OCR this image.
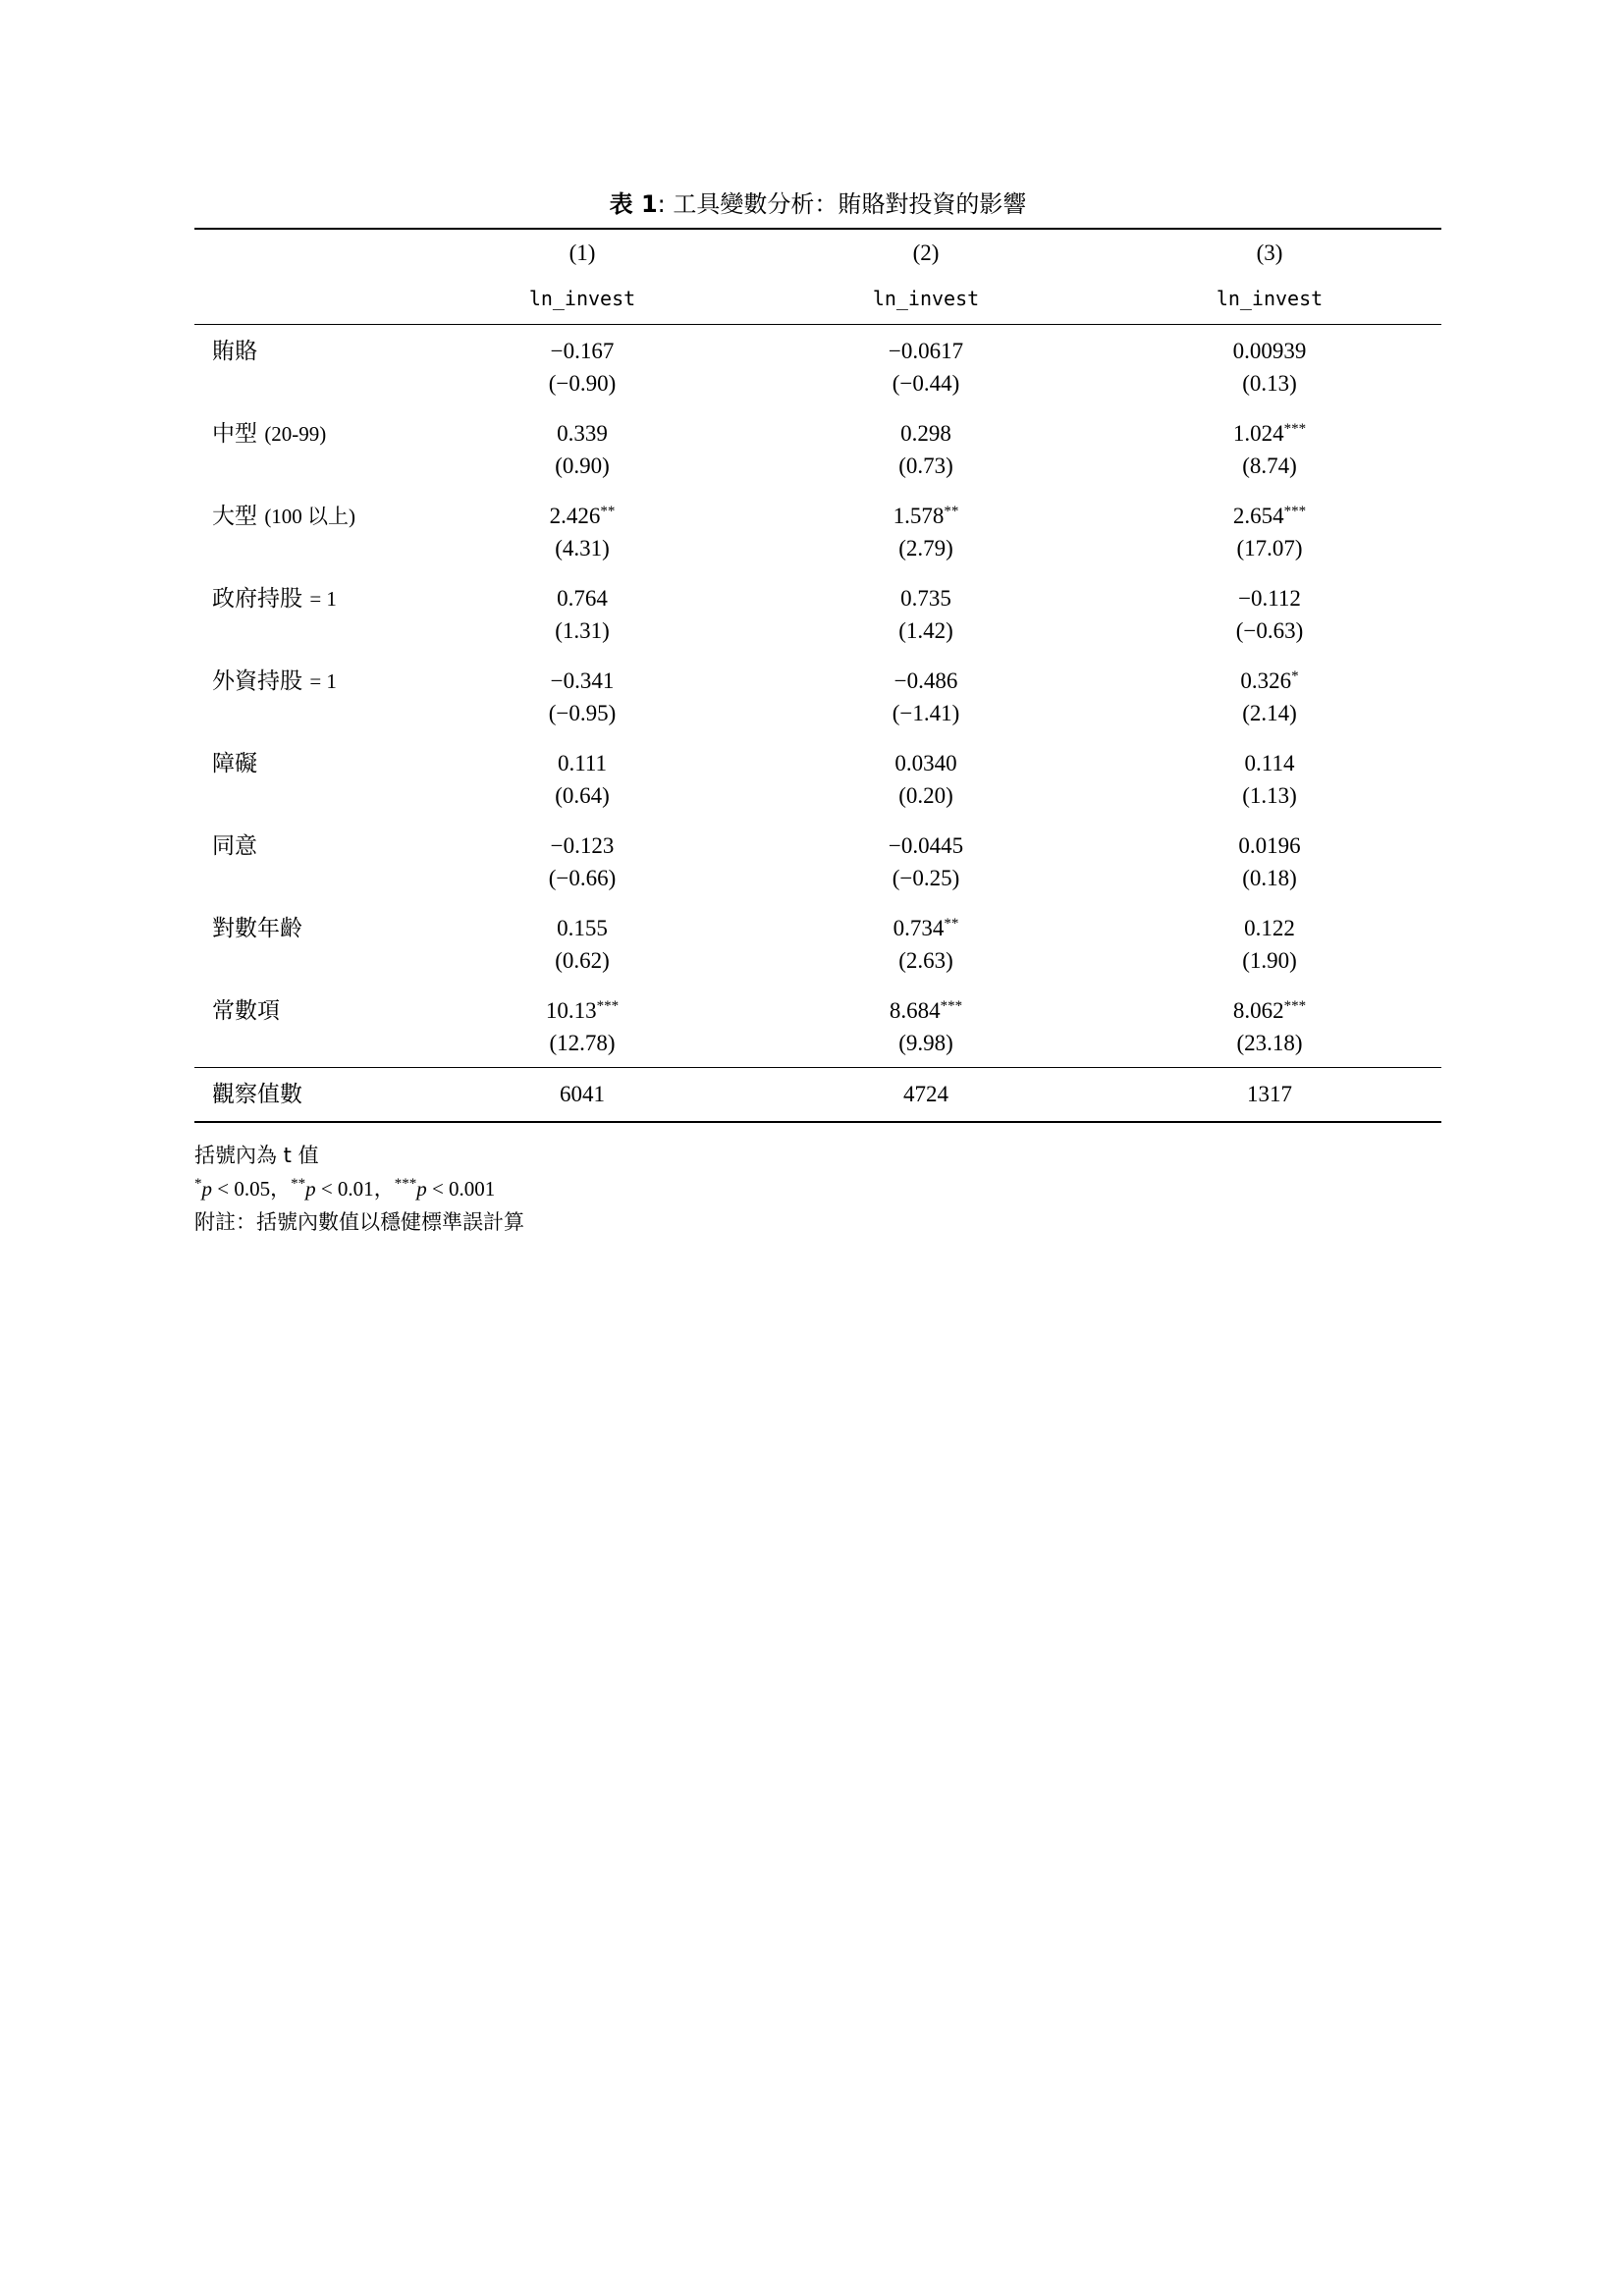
表 1: 工具變數分析：賄賂對投資的影響
	(1)	(2)	(3)
	ln_invest	ln_invest	ln_invest

賄賂	−0.167	−0.0617	0.00939
	(−0.90)	(−0.44)	(0.13)
中型 (20-99)	0.339	0.298	1.024***
	(0.90)	(0.73)	(8.74)
大型 (100 以上)	2.426**	1.578**	2.654***
	(4.31)	(2.79)	(17.07)
政府持股 = 1	0.764	0.735	−0.112
	(1.31)	(1.42)	(−0.63)
外資持股 = 1	−0.341	−0.486	0.326*
	(−0.95)	(−1.41)	(2.14)
障礙	0.111	0.0340	0.114
	(0.64)	(0.20)	(1.13)
同意	−0.123	−0.0445	0.0196
	(−0.66)	(−0.25)	(0.18)
對數年齡	0.155	0.734**	0.122
	(0.62)	(2.63)	(1.90)
常數項	10.13***	8.684***	8.062***
	(12.78)	(9.98)	(23.18)
觀察值數	6041	4724	1317
括號內為 t 值
*p < 0.05，**p < 0.01，***p < 0.001
附註：括號內數值以穩健標準誤計算
